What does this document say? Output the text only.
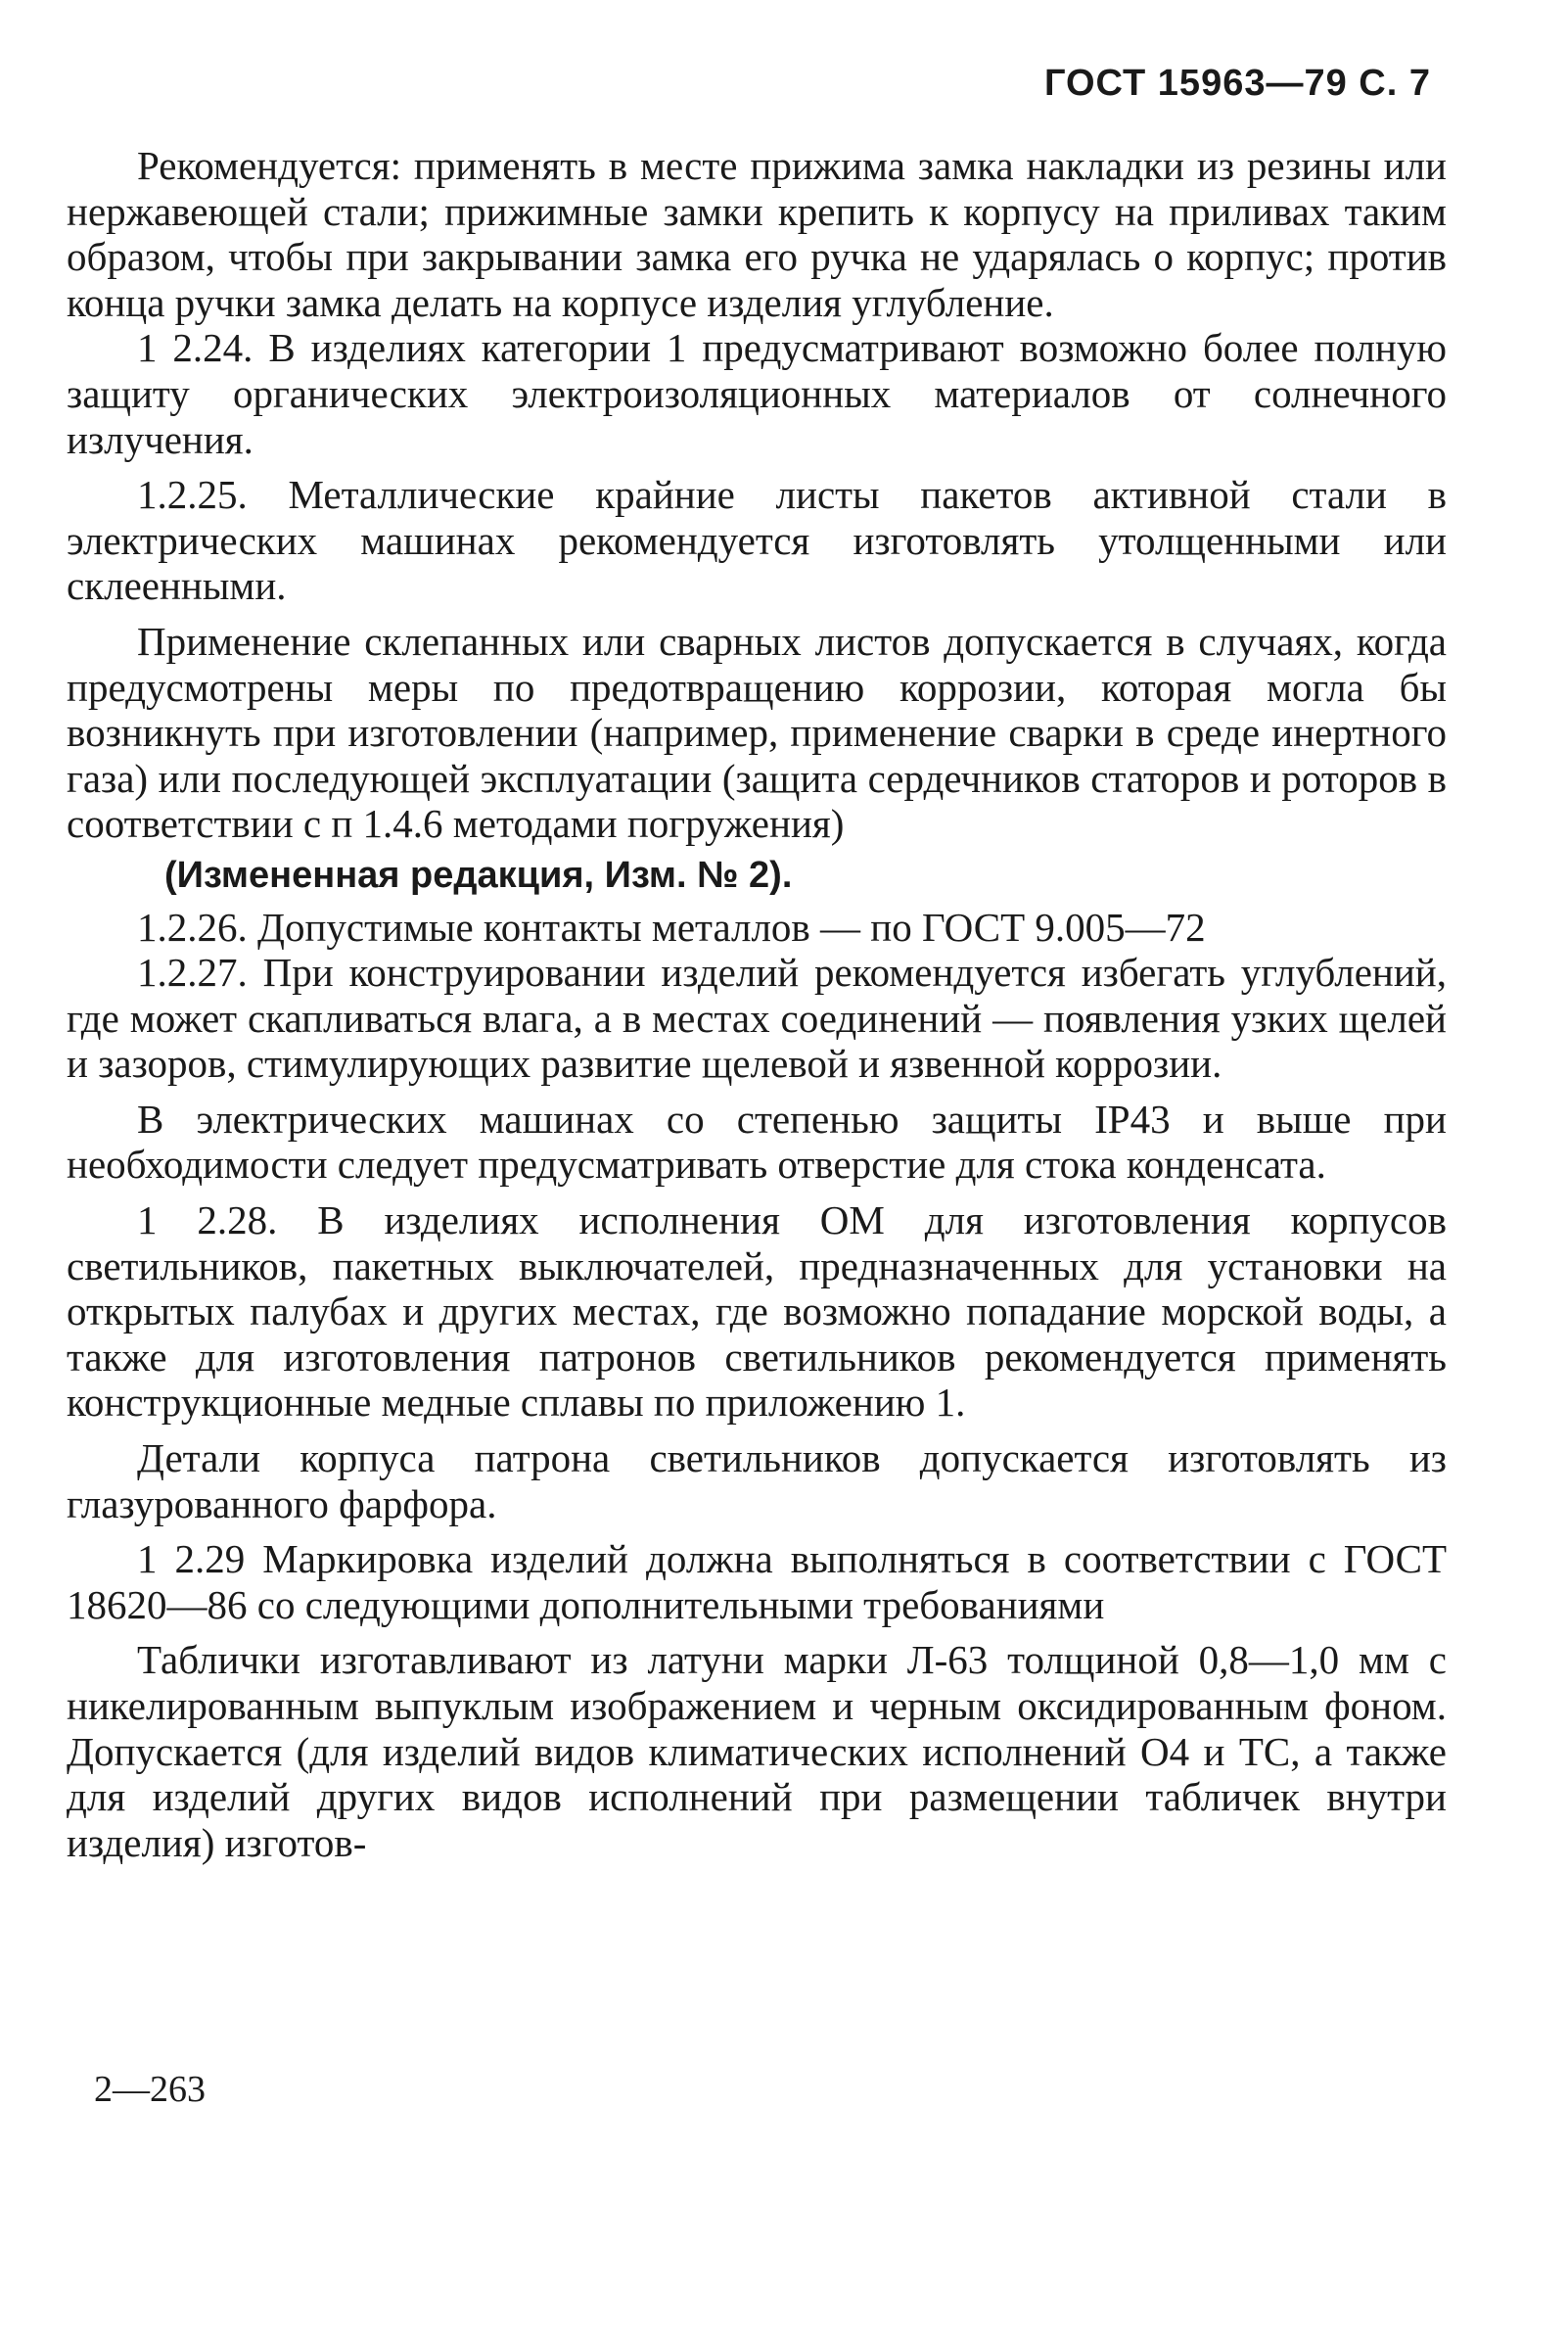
ГОСТ 15963—79 С. 7

Рекомендуется: применять в месте прижима замка накладки из резины или нержавеющей стали; прижимные замки крепить к корпусу на приливах таким образом, чтобы при закрывании замка его ручка не ударялась о корпус; против конца ручки замка делать на корпусе изделия углубление.

1 2.24. В изделиях категории 1 предусматривают возможно более полную защиту органических электроизоляционных материалов от солнечного излучения.

1.2.25. Металлические крайние листы пакетов активной стали в электрических машинах рекомендуется изготовлять утолщенными или склеенными.

Применение склепанных или сварных листов допускается в случаях, когда предусмотрены меры по предотвращению коррозии, которая могла бы возникнуть при изготовлении (например, применение сварки в среде инертного газа) или последующей эксплуатации (защита сердечников статоров и роторов в соответствии с п 1.4.6 методами погружения)

(Измененная редакция, Изм. № 2).

1.2.26. Допустимые контакты металлов — по ГОСТ 9.005—72

1.2.27. При конструировании изделий рекомендуется избегать углублений, где может скапливаться влага, а в местах соединений — появления узких щелей и зазоров, стимулирующих развитие щелевой и язвенной коррозии.

В электрических машинах со степенью защиты IP43 и выше при необходимости следует предусматривать отверстие для стока конденсата.

1 2.28. В изделиях исполнения ОМ для изготовления корпусов светильников, пакетных выключателей, предназначенных для установки на открытых палубах и других местах, где возможно попадание морской воды, а также для изготовления патронов светильников рекомендуется применять конструкционные медные сплавы по приложению 1.

Детали корпуса патрона светильников допускается изготовлять из глазурованного фарфора.

1 2.29 Маркировка изделий должна выполняться в соответствии с ГОСТ 18620—86 со следующими дополнительными требованиями

Таблички изготавливают из латуни марки Л-63 толщиной 0,8—1,0 мм с никелированным выпуклым изображением и черным оксидированным фоном. Допускается (для изделий видов климатических исполнений О4 и ТС, а также для изделий других видов исполнений при размещении табличек внутри изделия) изготов-

2—263
